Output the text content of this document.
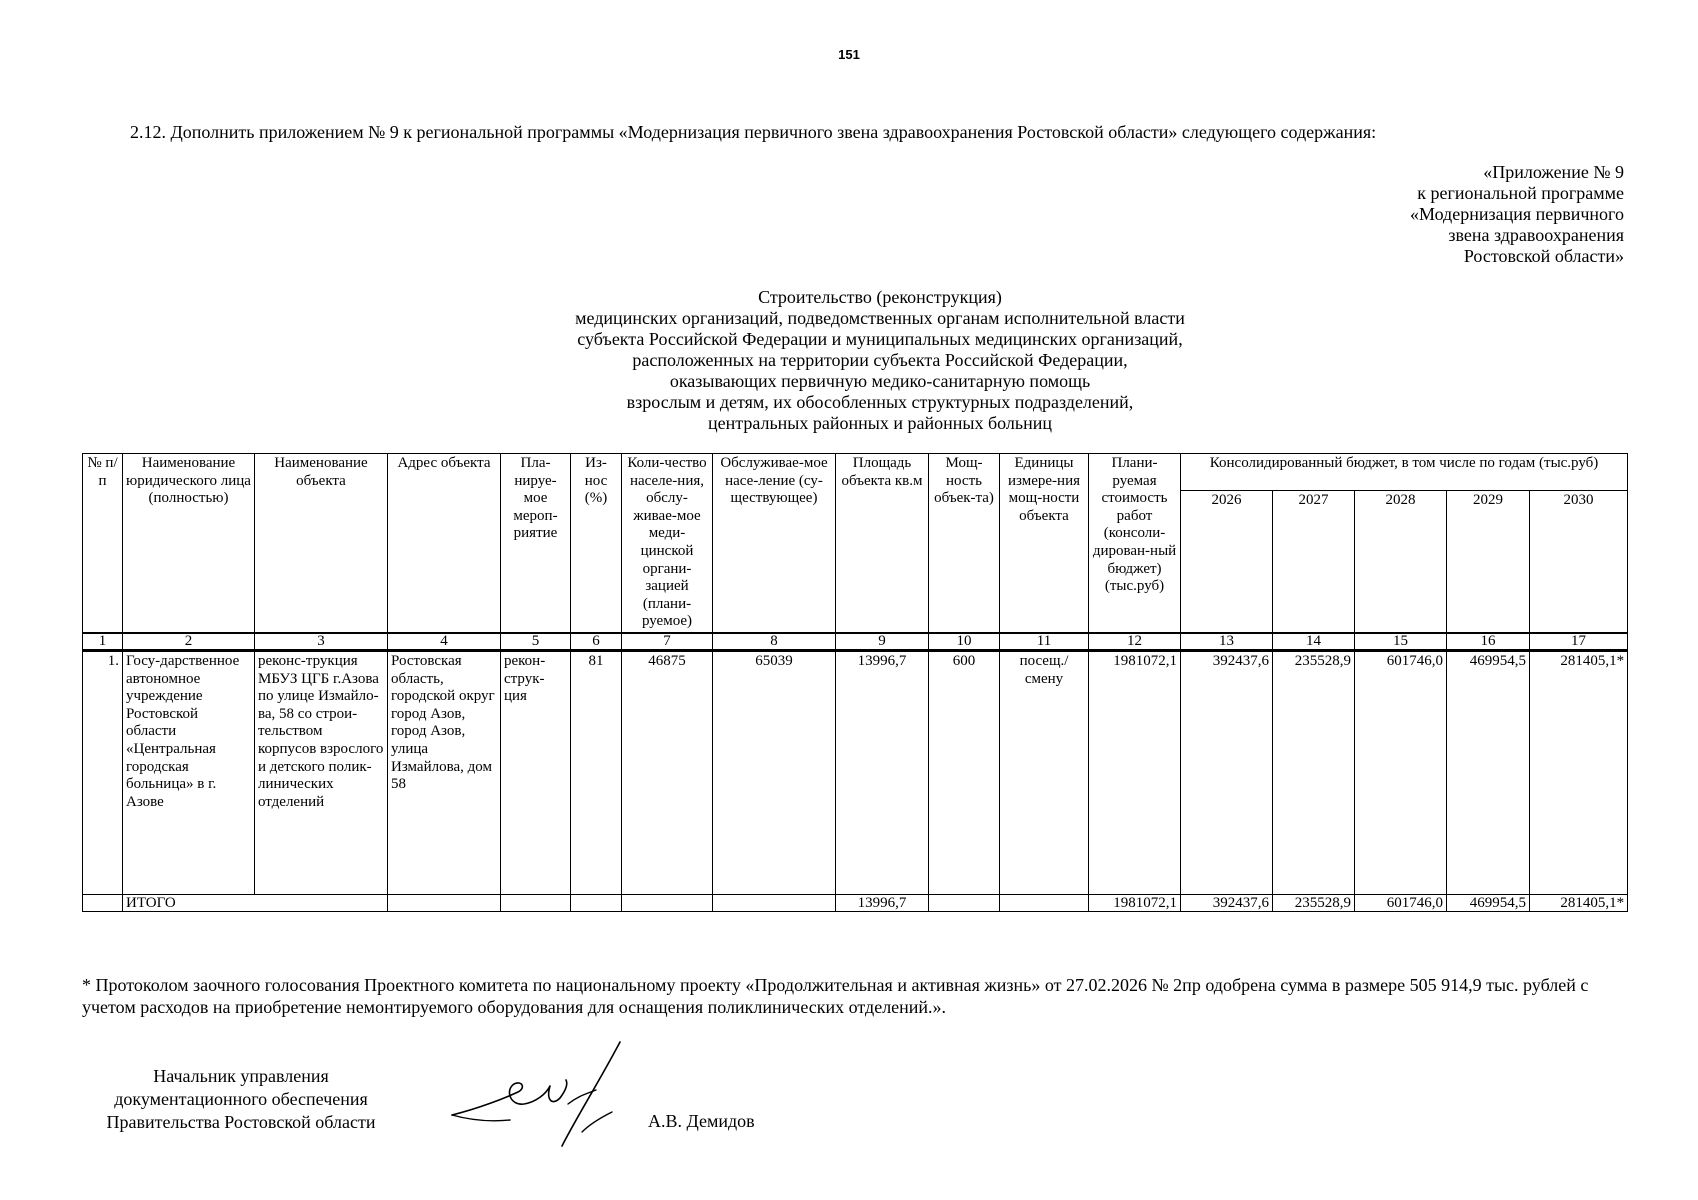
151
2.12. Дополнить приложением № 9 к региональной программы «Модернизация первичного звена здравоохранения Ростовской области» следующего содержания:
«Приложение № 9
к региональной программе
«Модернизация первичного
звена здравоохранения
Ростовской области»
Строительство (реконструкция)
медицинских организаций, подведомственных органам исполнительной власти
субъекта Российской Федерации и муниципальных медицинских организаций,
расположенных на территории субъекта Российской Федерации,
оказывающих первичную медико-санитарную помощь
взрослым и детям, их обособленных структурных подразделений,
центральных районных и районных больниц
№ п/п	Наименование юридического лица (полностью)	Наименование объекта	Адрес объекта	Пла-нируе-мое мероп-риятие	Из-нос (%)	Коли-чество населе-ния, обслу-живае-мое меди-цинской органи-зацией (плани-руемое)	Обслуживае-мое насе-ление (су-ществующее)	Площадь объекта кв.м	Мощ-ность объек-та)	Единицы измере-ния мощ-ности объекта	Плани-руемая стоимость работ (консоли-дирован-ный бюджет) (тыс.руб)	Консолидированный бюджет, в том числе по годам (тыс.руб)				
												2026	2027	2028	2029	2030
1	2	3	4	5	6	7	8	9	10	11	12	13	14	15	16	17
1.	Госу-дарственное автономное учреждение Ростовской области «Центральная городская больница» в г. Азове	реконс-трукция МБУЗ ЦГБ г.Азова по улице Измайло-ва, 58 со строи-тельством корпусов взрослого и детского полик-линических отделений	Ростовская область, городской округ город Азов, город Азов, улица Измайлова, дом 58	рекон-струк-ция	81	46875	65039	13996,7	600	посещ./ смену	1981072,1	392437,6	235528,9	601746,0	469954,5	281405,1*
	ИТОГО							13996,7			1981072,1	392437,6	235528,9	601746,0	469954,5	281405,1*
* Протоколом заочного голосования Проектного комитета по национальному проекту «Продолжительная и активная жизнь» от 27.02.2026 № 2пр одобрена сумма в размере 505 914,9 тыс. рублей с учетом расходов на приобретение немонтируемого оборудования для оснащения поликлинических отделений.».
Начальник управления
документационного обеспечения
Правительства Ростовской области	А.В. Демидов
